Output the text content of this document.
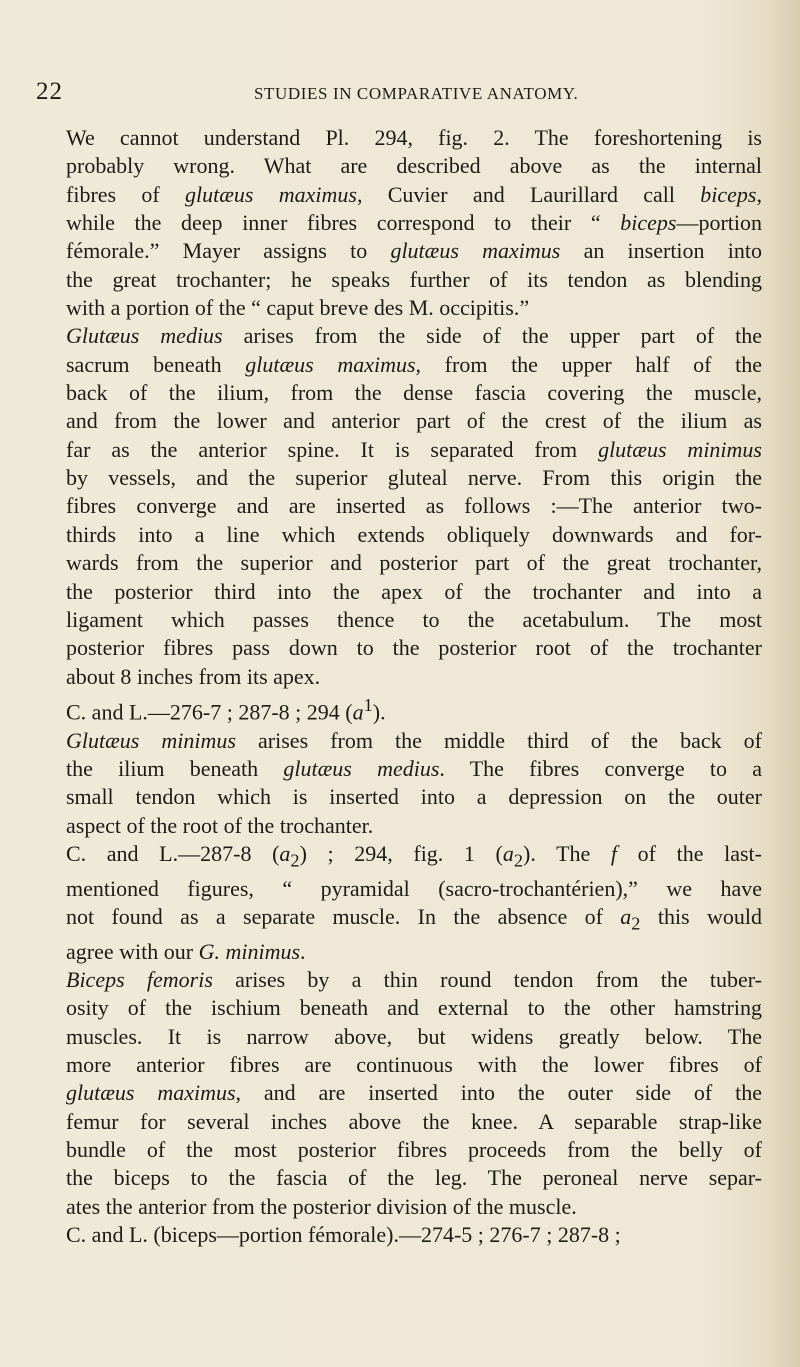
22	STUDIES IN COMPARATIVE ANATOMY.
We cannot understand Pl. 294, fig. 2. The foreshortening is
probably wrong. What are described above as the internal
fibres of glutæus maximus, Cuvier and Laurillard call biceps,
while the deep inner fibres correspond to their “ biceps—portion
fémorale.” Mayer assigns to glutæus maximus an insertion into
the great trochanter; he speaks further of its tendon as blending
with a portion of the “ caput breve des M. occipitis.”
Glutæus medius arises from the side of the upper part of the
sacrum beneath glutæus maximus, from the upper half of the
back of the ilium, from the dense fascia covering the muscle,
and from the lower and anterior part of the crest of the ilium as
far as the anterior spine. It is separated from glutæus minimus
by vessels, and the superior gluteal nerve. From this origin the
fibres converge and are inserted as follows :—The anterior two-
thirds into a line which extends obliquely downwards and for-
wards from the superior and posterior part of the great trochanter,
the posterior third into the apex of the trochanter and into a
ligament which passes thence to the acetabulum. The most
posterior fibres pass down to the posterior root of the trochanter
about 8 inches from its apex.
C. and L.—276-7 ; 287-8 ; 294 $(a^1)$.
Glutæus minimus arises from the middle third of the back of
the ilium beneath glutæus medius. The fibres converge to a
small tendon which is inserted into a depression on the outer
aspect of the root of the trochanter.
C. and L.—287-8 $(a_2)$ ; 294, fig. 1 $(a_2)$. The f of the last-
mentioned figures, “ pyramidal (sacro-trochantérien),” we have
not found as a separate muscle. In the absence of $a_2$ this would
agree with our G. minimus.
Biceps femoris arises by a thin round tendon from the tuber-
osity of the ischium beneath and external to the other hamstring
muscles. It is narrow above, but widens greatly below. The
more anterior fibres are continuous with the lower fibres of
glutæus maximus, and are inserted into the outer side of the
femur for several inches above the knee. A separable strap-like
bundle of the most posterior fibres proceeds from the belly of
the biceps to the fascia of the leg. The peroneal nerve separ-
ates the anterior from the posterior division of the muscle.
C. and L. (biceps—portion fémorale).—274-5 ; 276-7 ; 287-8 ;
